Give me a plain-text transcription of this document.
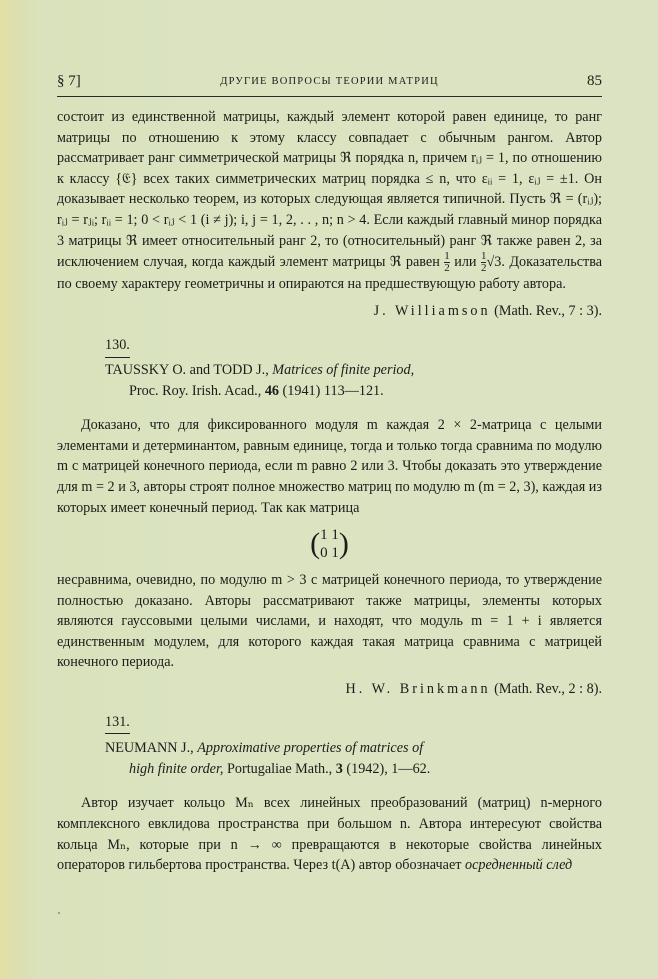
§ 7]	ДРУГИЕ ВОПРОСЫ ТЕОРИИ МАТРИЦ	85

состоит из единственной матрицы, каждый элемент которой равен единице, то ранг матрицы по отношению к этому классу совпадает с обычным рангом. Автор рассматривает ранг симметрической матрицы ℜ порядка n, причем rᵢⱼ = 1, по отношению к классу {𝔈} всех таких симметрических матриц порядка ≤ n, что εᵢᵢ = 1, εᵢⱼ = ±1. Он доказывает несколько теорем, из которых следующая является типичной. Пусть ℜ = (rᵢⱼ); rᵢⱼ = rⱼᵢ; rᵢᵢ = 1; 0 < rᵢⱼ < 1 (i ≠ j); i, j = 1, 2, . . , n; n > 4. Если каждый главный минор порядка 3 матрицы ℜ имеет относительный ранг 2, то (относительный) ранг ℜ также равен 2, за исключением случая, когда каждый элемент матрицы ℜ равен $\frac{1}{2}$ или $\frac{1}{2} √3$. Доказательства по своему характеру геометричны и опираются на предшествующую работу автора.

J. Williamson (Math. Rev., 7 : 3).

130.

TAUSSKY O. and TODD J., Matrices of finite period,

Proc. Roy. Irish. Acad., 46 (1941) 113—121.

Доказано, что для фиксированного модуля m каждая 2 × 2-матрица с целыми элементами и детерминантом, равным единице, тогда и только тогда сравнима по модулю m с матрицей конечного периода, если m равно 2 или 3. Чтобы доказать это утверждение для m = 2 и 3, авторы строят полное множество матриц по модулю m (m = 2, 3), каждая из которых имеет конечный период. Так как матрица

( 1 1
0 1 )

несравнима, очевидно, по модулю m > 3 с матрицей конечного периода, то утверждение полностью доказано. Авторы рассматривают также матрицы, элементы которых являются гауссовыми целыми числами, и находят, что модуль m = 1 + i является единственным модулем, для которого каждая такая матрица сравнима с матрицей конечного периода.

H. W. Brinkmann (Math. Rev., 2 : 8).

131.

NEUMANN J., Approximative properties of matrices of

high finite order, Portugaliae Math., 3 (1942), 1—62.

Автор изучает кольцо Mₙ всех линейных преобразований (матриц) n-мерного комплексного евклидова пространства при большом n. Автора интересуют свойства кольца Mₙ, которые при n → ∞ превращаются в некоторые свойства линейных операторов гильбертова пространства. Через t(A) автор обозначает осредненный след
